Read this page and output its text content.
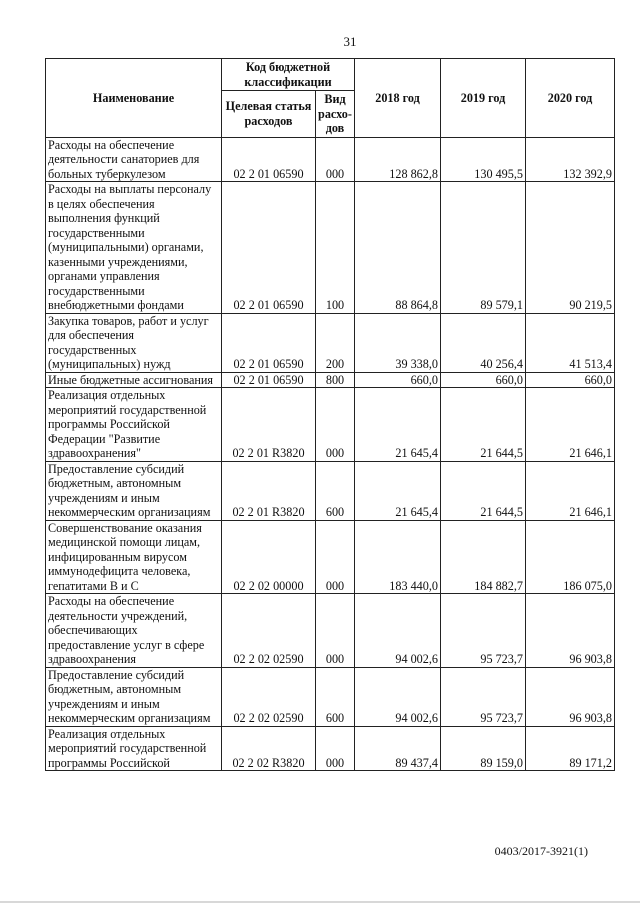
31
Наименование	Код бюджетной классификации		2018 год	2019 год	2020 год
	Целевая статья расходов	Вид расхо- дов			
Расходы на обеспечение деятельности санаториев для больных туберкулезом	02 2 01 06590	000	128 862,8	130 495,5	132 392,9
Расходы на выплаты персоналу в целях обеспечения выполнения функций государственными (муниципальными) органами, казенными учреждениями, органами управления государственными внебюджетными фондами	02 2 01 06590	100	88 864,8	89 579,1	90 219,5
Закупка товаров, работ и услуг для обеспечения государственных (муниципальных) нужд	02 2 01 06590	200	39 338,0	40 256,4	41 513,4
Иные бюджетные ассигнования	02 2 01 06590	800	660,0	660,0	660,0
Реализация отдельных мероприятий государственной программы Российской Федерации "Развитие здравоохранения"	02 2 01 R3820	000	21 645,4	21 644,5	21 646,1
Предоставление субсидий бюджетным, автономным учреждениям и иным некоммерческим организациям	02 2 01 R3820	600	21 645,4	21 644,5	21 646,1
Совершенствование оказания медицинской помощи лицам, инфицированным вирусом иммунодефицита человека, гепатитами В и С	02 2 02 00000	000	183 440,0	184 882,7	186 075,0
Расходы на обеспечение деятельности учреждений, обеспечивающих предоставление услуг в сфере здравоохранения	02 2 02 02590	000	94 002,6	95 723,7	96 903,8
Предоставление субсидий бюджетным, автономным учреждениям и иным некоммерческим организациям	02 2 02 02590	600	94 002,6	95 723,7	96 903,8
Реализация отдельных мероприятий государственной программы Российской	02 2 02 R3820	000	89 437,4	89 159,0	89 171,2
0403/2017-3921(1)
